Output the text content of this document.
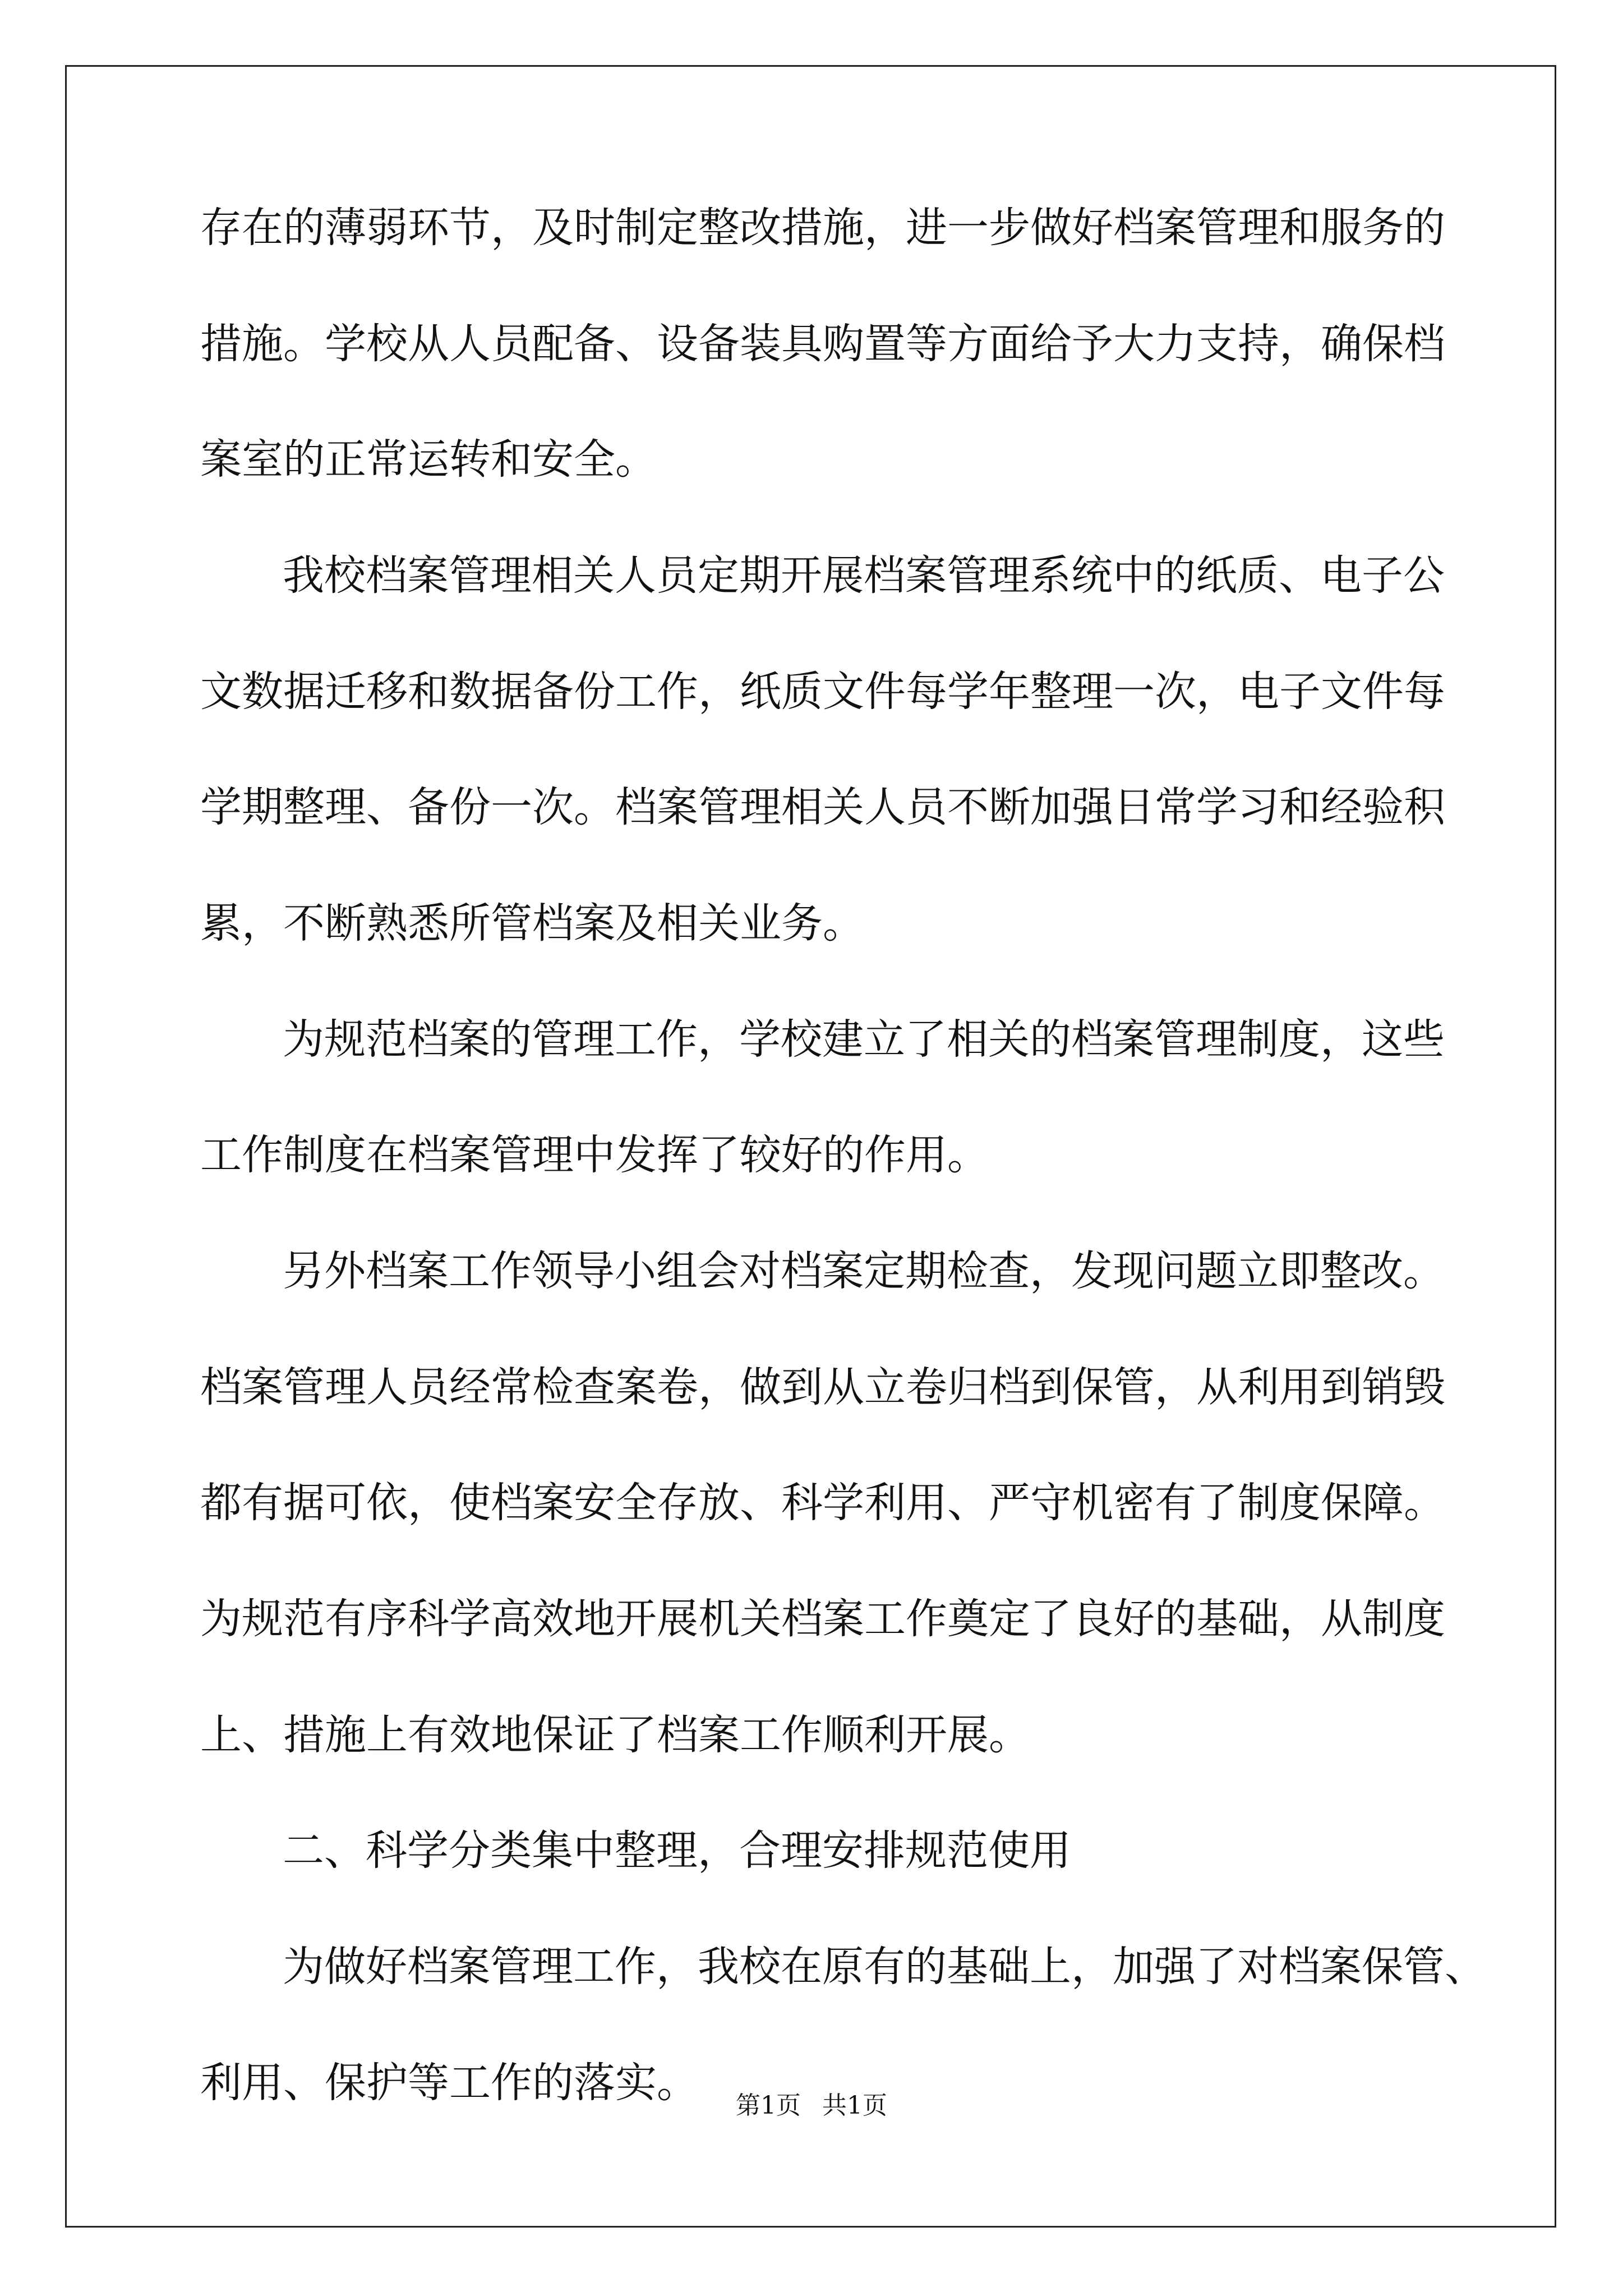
存在的薄弱环节，及时制定整改措施，进一步做好档案管理和服务的
措施。学校从人员配备、设备装具购置等方面给予大力支持，确保档
案室的正常运转和安全。
我校档案管理相关人员定期开展档案管理系统中的纸质、电子公
文数据迁移和数据备份工作，纸质文件每学年整理一次，电子文件每
学期整理、备份一次。档案管理相关人员不断加强日常学习和经验积
累，不断熟悉所管档案及相关业务。
为规范档案的管理工作，学校建立了相关的档案管理制度，这些
工作制度在档案管理中发挥了较好的作用。
另外档案工作领导小组会对档案定期检查，发现问题立即整改。
档案管理人员经常检查案卷，做到从立卷归档到保管，从利用到销毁
都有据可依，使档案安全存放、科学利用、严守机密有了制度保障。
为规范有序科学高效地开展机关档案工作奠定了良好的基础，从制度
上、措施上有效地保证了档案工作顺利开展。
二、科学分类集中整理，合理安排规范使用
为做好档案管理工作，我校在原有的基础上，加强了对档案保管、
利用、保护等工作的落实。	第1页 共1页
